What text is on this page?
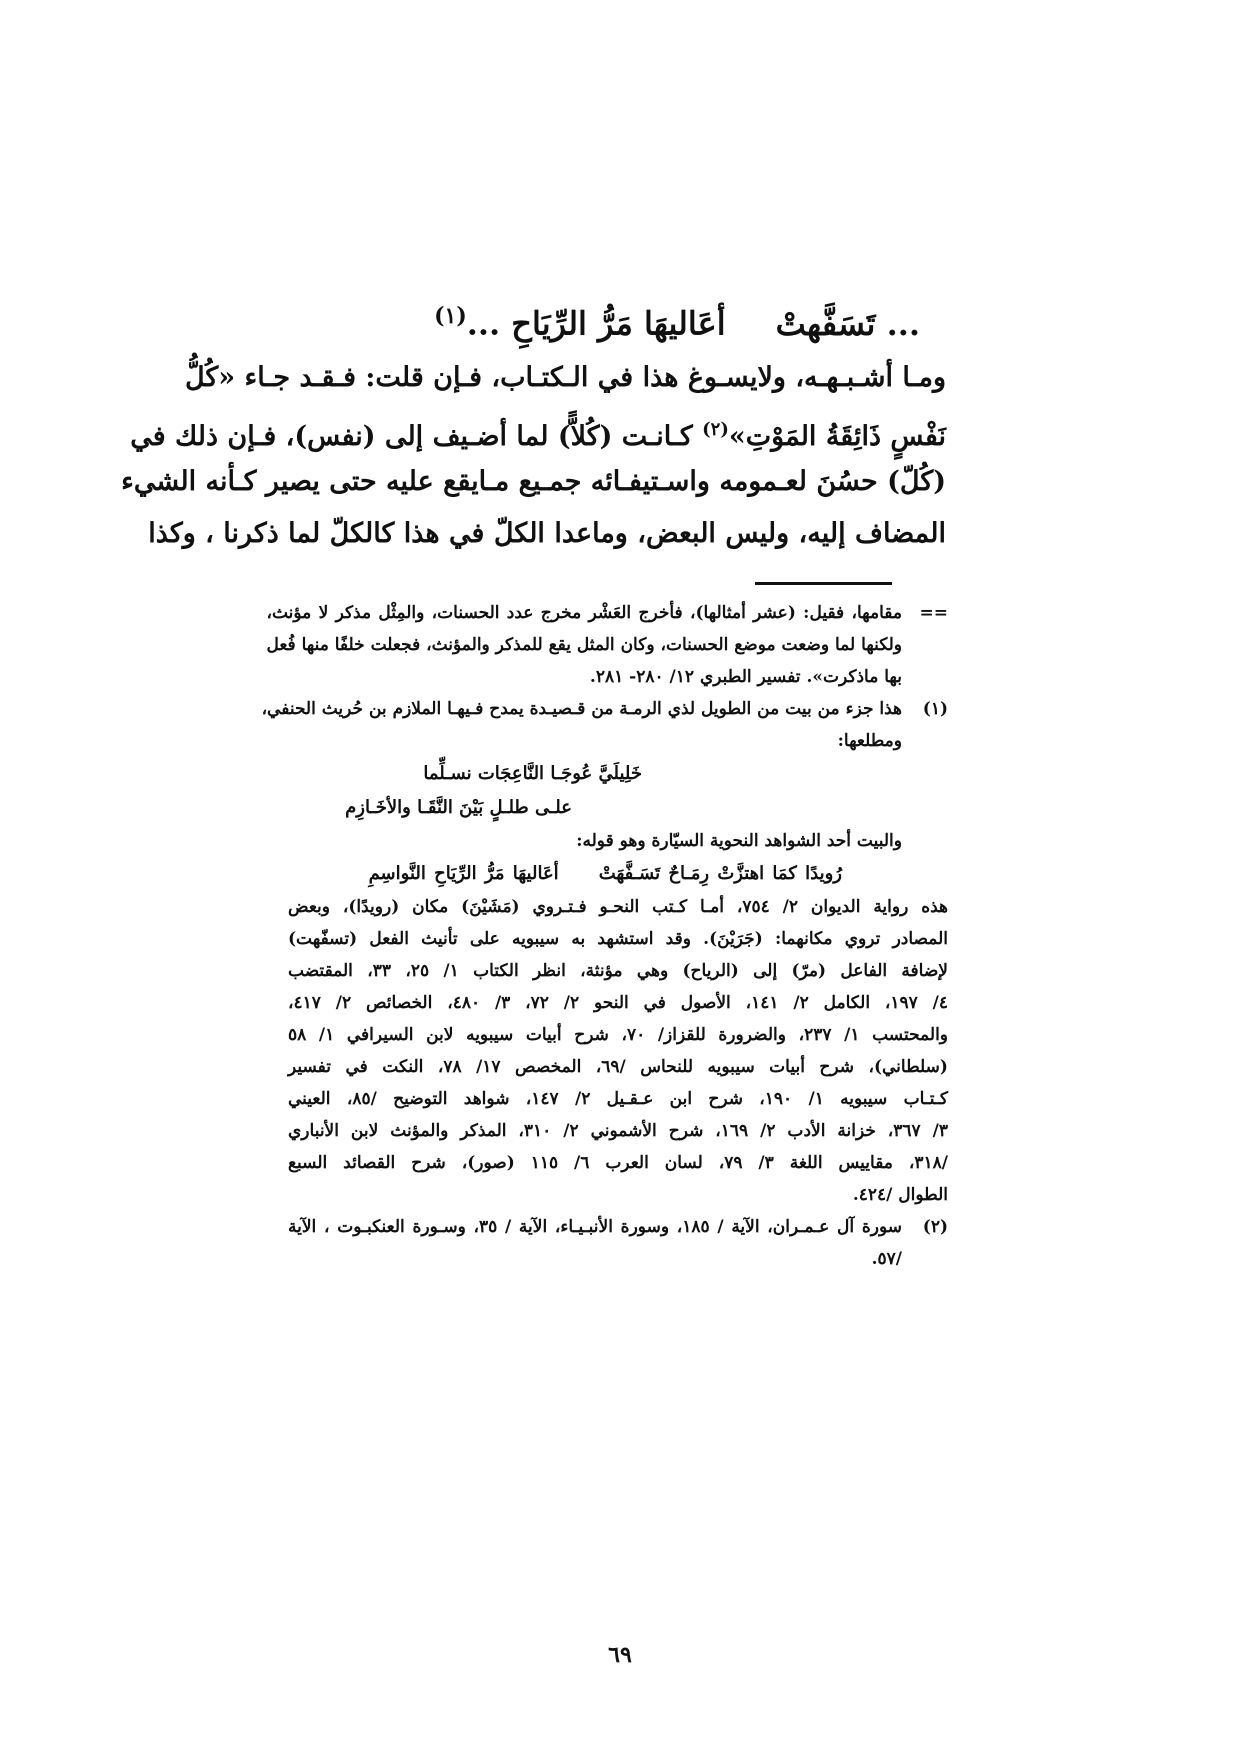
... تَسَفَّهتْ
أعَاليهَا مَرُّ الرِّيَاحِ ...$^{(١)}$

ومـا أشـبـهـه، ولايسـوغ هذا في الـكتـاب، فـإن قلت: فـقـد جـاء «كُلُّ

نَفْسٍ ذَائِقَةُ المَوْتِ»$^{(٢)}$ كـانـت (كُلاًّ) لما أضـيف إلى (نفس)، فـإن ذلك في

(كُلّ) حسُنَ لعـمومه واسـتيفـائه جمـيع مـايقع عليه حتى يصير كـأنه الشيء

المضاف إليه، وليس البعض، وماعدا الكلّ في هذا كالكلّ لما ذكرنا ، وكذا

==
مقامها، فقيل: (عشر أمثالها)، فأخرج العَشْر مخرج عدد الحسنات، والمِثْل مذكر لا مؤنث،
ولكنها لما وضعت موضع الحسنات، وكان المثل يقع للمذكر والمؤنث، فجعلت خلفًا منها فُعل
بها ماذكرت». تفسير الطبري ١٢/ ٢٨٠- ٢٨١.
(١)
هذا جزء من بيت من الطويل لذي الرمـة من قـصيـدة يمدح فـيهـا الملازم بن حُريث الحنفي،
ومطلعها:
خَلِيلَيَّ عُوجَـا النَّاعِجَات نسـلِّما
علـى طلـلٍ بَيْنَ النَّقَـا والأخَـازِم
والبيت أحد الشواهد النحوية السيّارة وهو قوله:
رُويدًا كمَا اهتزَّتْ رِمَـاحٌ تَسَـفَّهَتْأعَاليهَا مَرُّ الرِّيَاحِ النَّواسِمِ
هذه رواية الديوان ٢/ ٧٥٤، أمـا كـتب النحـو فـتـروي (مَشَيْنَ) مكان (رويدًا)، وبعض
المصادر تروي مكانهما: (جَرَيْنَ). وقد استشهد به سيبويه على تأنيث الفعل (تسفّهت)
لإضافة الفاعل (مرّ) إلى (الرياح) وهي مؤنثة، انظر الكتاب ١/ ٢٥، ٣٣، المقتضب
٤/ ١٩٧، الكامل ٢/ ١٤١، الأصول في النحو ٢/ ٧٢، ٣/ ٤٨٠، الخصائص ٢/ ٤١٧،
والمحتسب ١/ ٢٣٧، والضرورة للقزاز/ ٧٠، شرح أبيات سيبويه لابن السيرافي ١/ ٥٨
(سلطاني)، شرح أبيات سيبويه للنحاس /٦٩، المخصص ١٧/ ٧٨، النكت في تفسير
كـتـاب سيبويه ١/ ١٩٠، شرح ابن عـقـيل ٢/ ١٤٧، شواهد التوضيح /٨٥، العيني
٣/ ٣٦٧، خزانة الأدب ٢/ ١٦٩، شرح الأشموني ٢/ ٣١٠، المذكر والمؤنث لابن الأنباري
/٣١٨، مقاييس اللغة ٣/ ٧٩، لسان العرب ٦/ ١١٥ (صور)، شرح القصائد السبع
الطوال /٤٢٤.
(٢)
سورة آل عـمـران، الآية / ١٨٥، وسورة الأنبـيـاء، الآية / ٣٥، وسـورة العنكبـوت ، الآية
/٥٧.
٦٩
